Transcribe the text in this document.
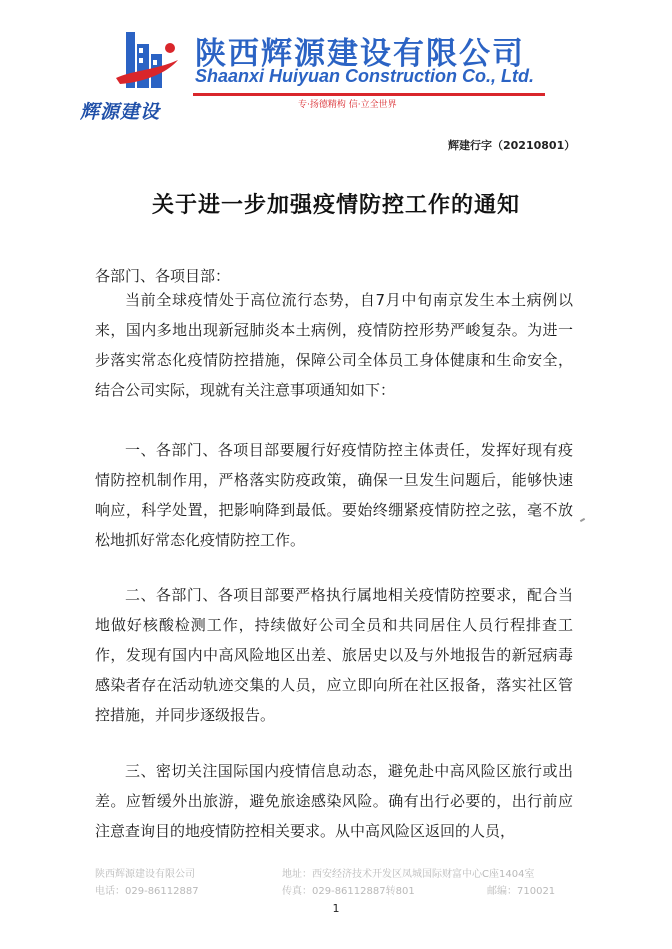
辉源建设
陕西辉源建设有限公司
Shaanxi Huiyuan Construction Co., Ltd.
专·扬德精构 信·立全世界
辉建行字（20210801）
关于进一步加强疫情防控工作的通知
各部门、各项目部：
当前全球疫情处于高位流行态势，自7月中旬南京发生本土病例以来，国内多地出现新冠肺炎本土病例，疫情防控形势严峻复杂。为进一步落实常态化疫情防控措施，保障公司全体员工身体健康和生命安全，结合公司实际，现就有关注意事项通知如下：
一、各部门、各项目部要履行好疫情防控主体责任，发挥好现有疫情防控机制作用，严格落实防疫政策，确保一旦发生问题后，能够快速响应，科学处置，把影响降到最低。要始终绷紧疫情防控之弦，毫不放松地抓好常态化疫情防控工作。
二、各部门、各项目部要严格执行属地相关疫情防控要求，配合当地做好核酸检测工作，持续做好公司全员和共同居住人员行程排查工作，发现有国内中高风险地区出差、旅居史以及与外地报告的新冠病毒感染者存在活动轨迹交集的人员，应立即向所在社区报备，落实社区管控措施，并同步逐级报告。
三、密切关注国际国内疫情信息动态，避免赴中高风险区旅行或出差。应暂缓外出旅游，避免旅途感染风险。确有出行必要的，出行前应注意查询目的地疫情防控相关要求。从中高风险区返回的人员，
陕西辉源建设有限公司
电话：029-86112887
地址：西安经济技术开发区凤城国际财富中心C座1404室
传真：029-86112887转801	邮编：710021
1
